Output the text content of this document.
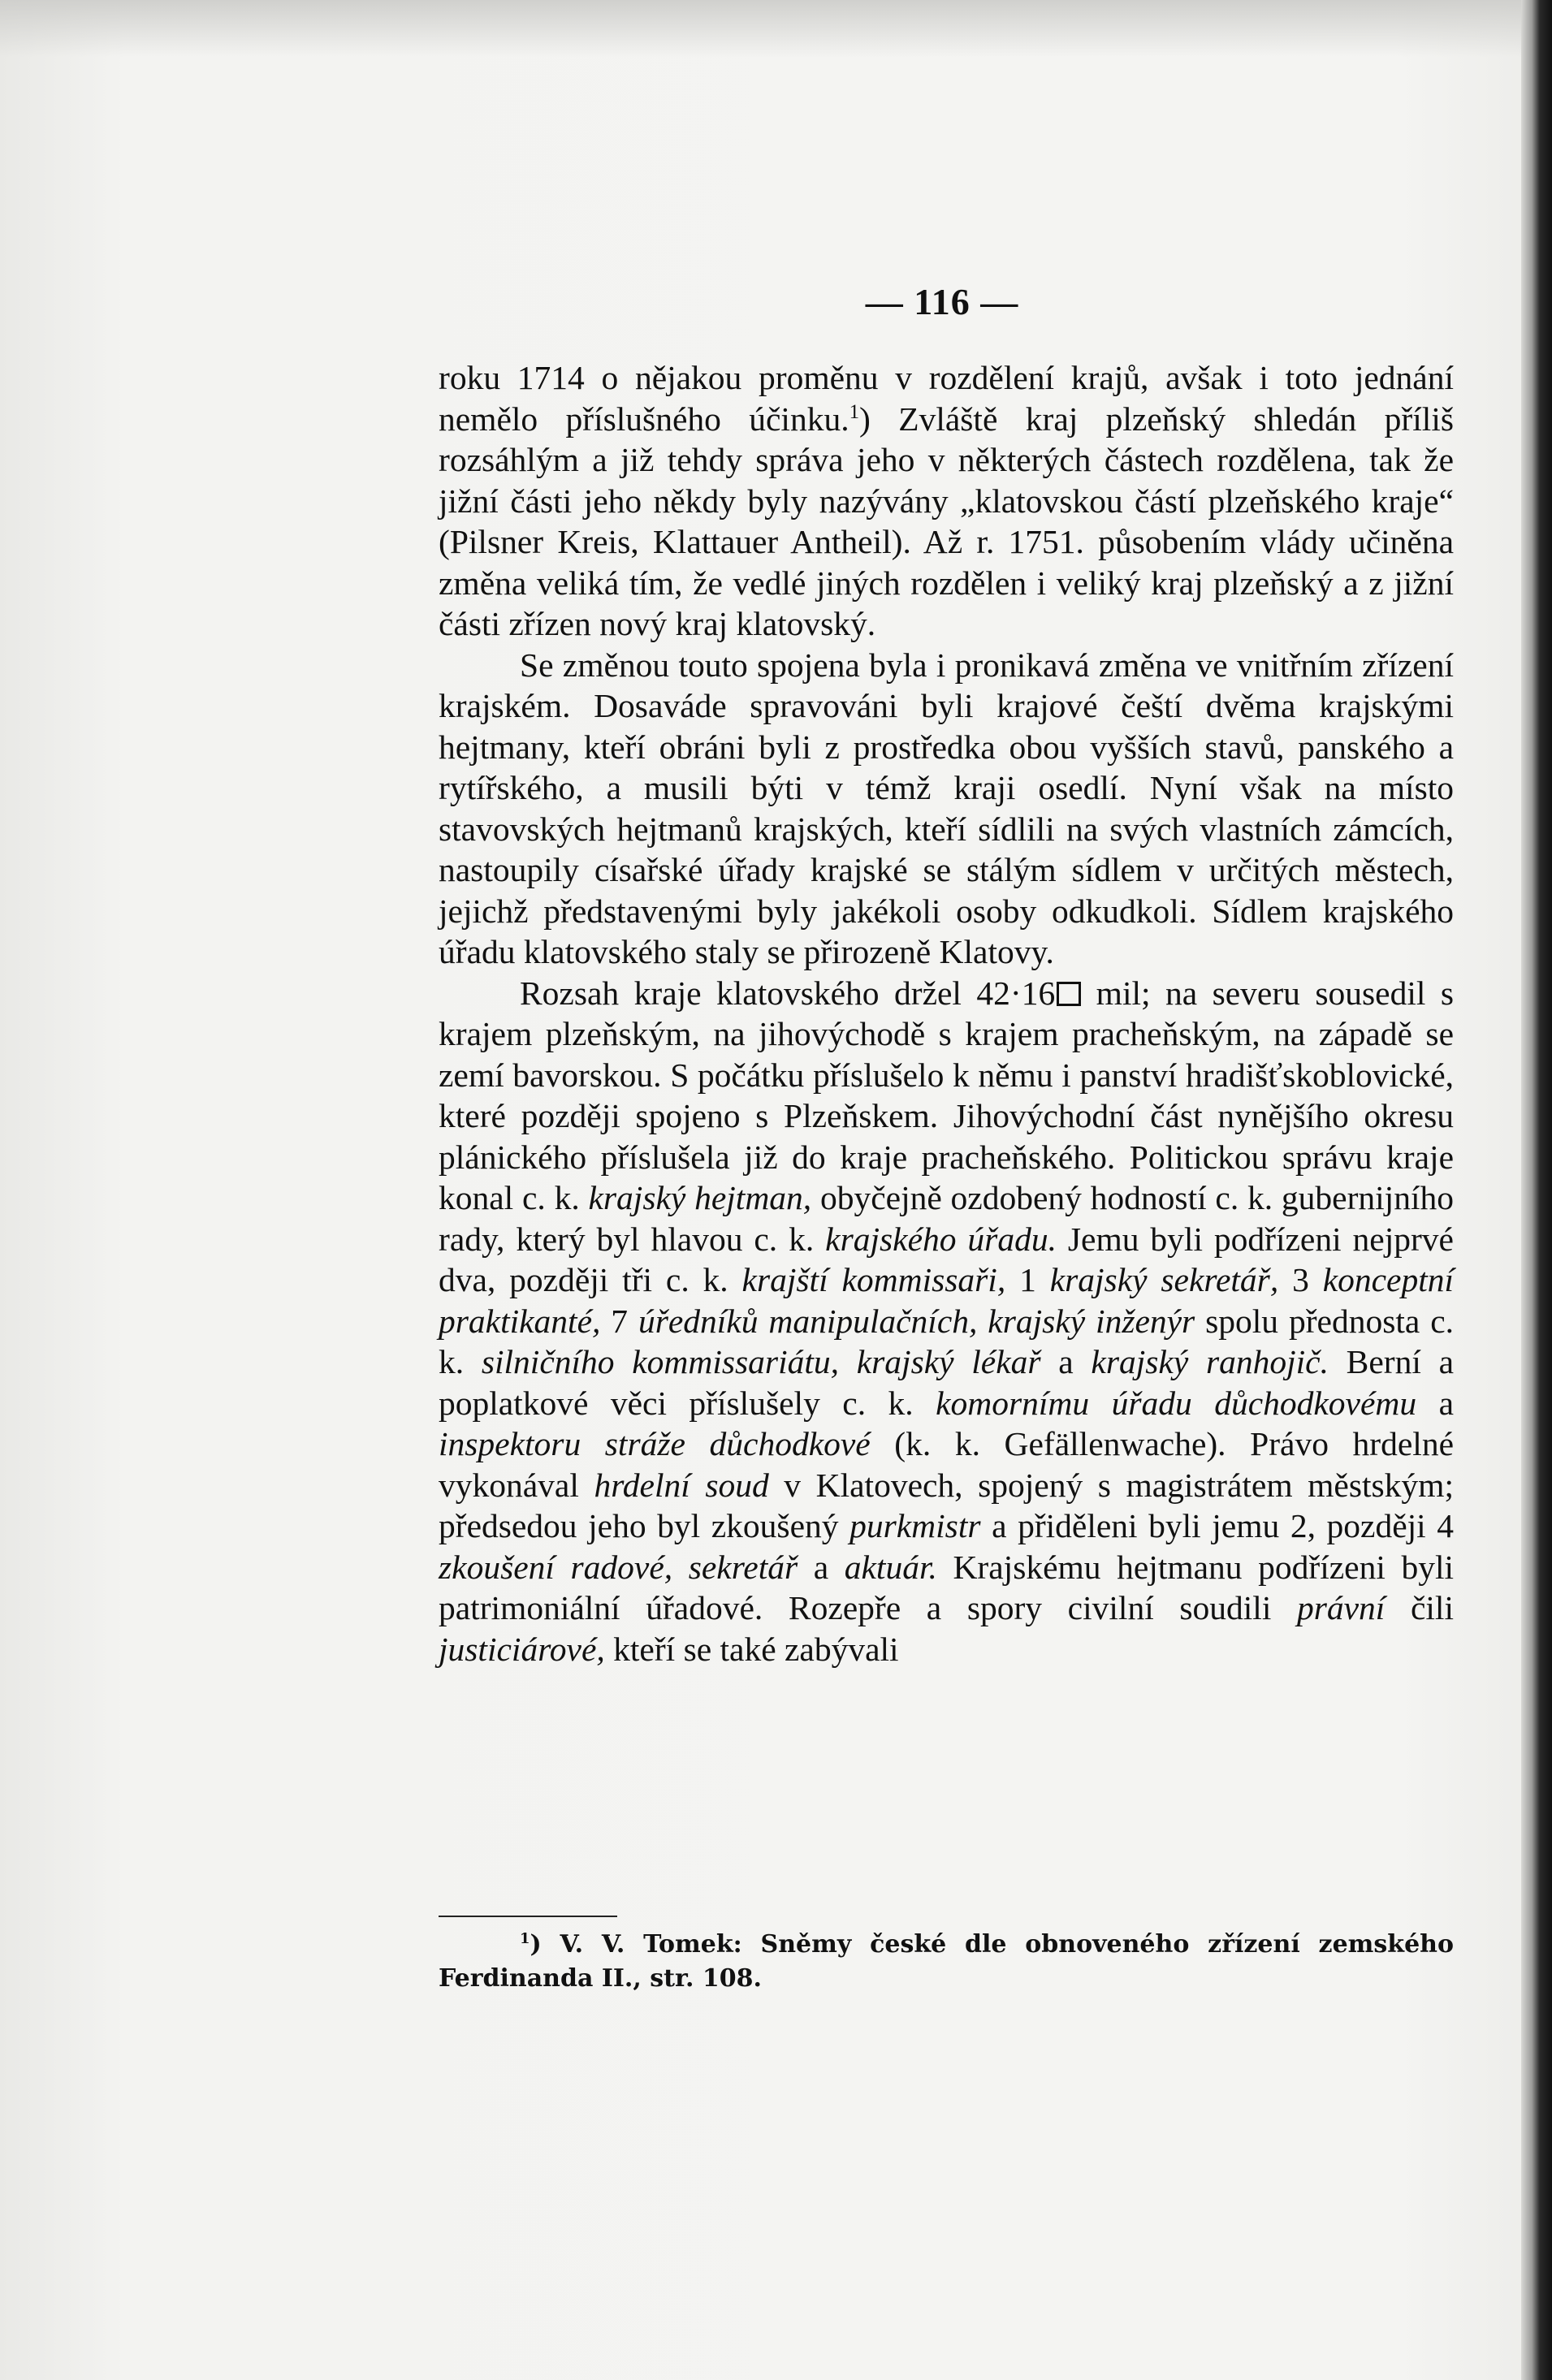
— 116 —

roku 1714 o nějakou proměnu v rozdělení krajů, avšak i toto jednání nemělo příslušného účinku.$^1$) Zvláště kraj plzeňský shledán příliš rozsáhlým a již tehdy správa jeho v některých částech rozdělena, tak že jižní části jeho někdy byly nazývány „klatovskou částí plzeňského kraje“ (Pilsner Kreis, Klattauer Antheil). Až r. 1751. působením vlády učiněna změna veliká tím, že vedlé jiných rozdělen i veliký kraj plzeňský a z jižní části zřízen nový kraj klatovský.

Se změnou touto spojena byla i pronikavá změna ve vnitřním zřízení krajském. Dosaváde spravováni byli krajové čeští dvěma krajskými hejtmany, kteří obráni byli z prostředka obou vyšších stavů, panského a rytířského, a musili býti v témž kraji osedlí. Nyní však na místo stavovských hejtmanů krajských, kteří sídlili na svých vlastních zámcích, nastoupily císařské úřady krajské se stálým sídlem v určitých městech, jejichž představenými byly jakékoli osoby odkudkoli. Sídlem krajského úřadu klatovského staly se přirozeně Klatovy.

Rozsah kraje klatovského držel 42·16 mil; na severu sousedil s krajem plzeňským, na jihovýchodě s krajem pracheňským, na západě se zemí bavorskou. S počátku příslušelo k němu i panství hradišťskoblovické, které později spojeno s Plzeňskem. Jihovýchodní část nynějšího okresu plánického příslušela již do kraje pracheňského. Politickou správu kraje konal c. k. krajský hejtman, obyčejně ozdobený hodností c. k. gubernijního rady, který byl hlavou c. k. krajského úřadu. Jemu byli podřízeni nejprvé dva, později tři c. k. krajští kommissaři, 1 krajský sekretář, 3 konceptní praktikanté, 7 úředníků manipulačních, krajský inženýr spolu přednosta c. k. silničního kommissariátu, krajský lékař a krajský ranhojič. Berní a poplatkové věci příslušely c. k. komornímu úřadu důchodkovému a inspektoru stráže důchodkové (k. k. Gefällenwache). Právo hrdelné vykonával hrdelní soud v Klatovech, spojený s magistrátem městským; předsedou jeho byl zkoušený purkmistr a přiděleni byli jemu 2, později 4 zkoušení radové, sekretář a aktuár. Krajskému hejtmanu podřízeni byli patrimoniální úřadové. Rozepře a spory civilní soudili právní čili justiciárové, kteří se také zabývali

$^1$) V. V. Tomek: Sněmy české dle obnoveného zřízení zemského Ferdinanda II., str. 108.
